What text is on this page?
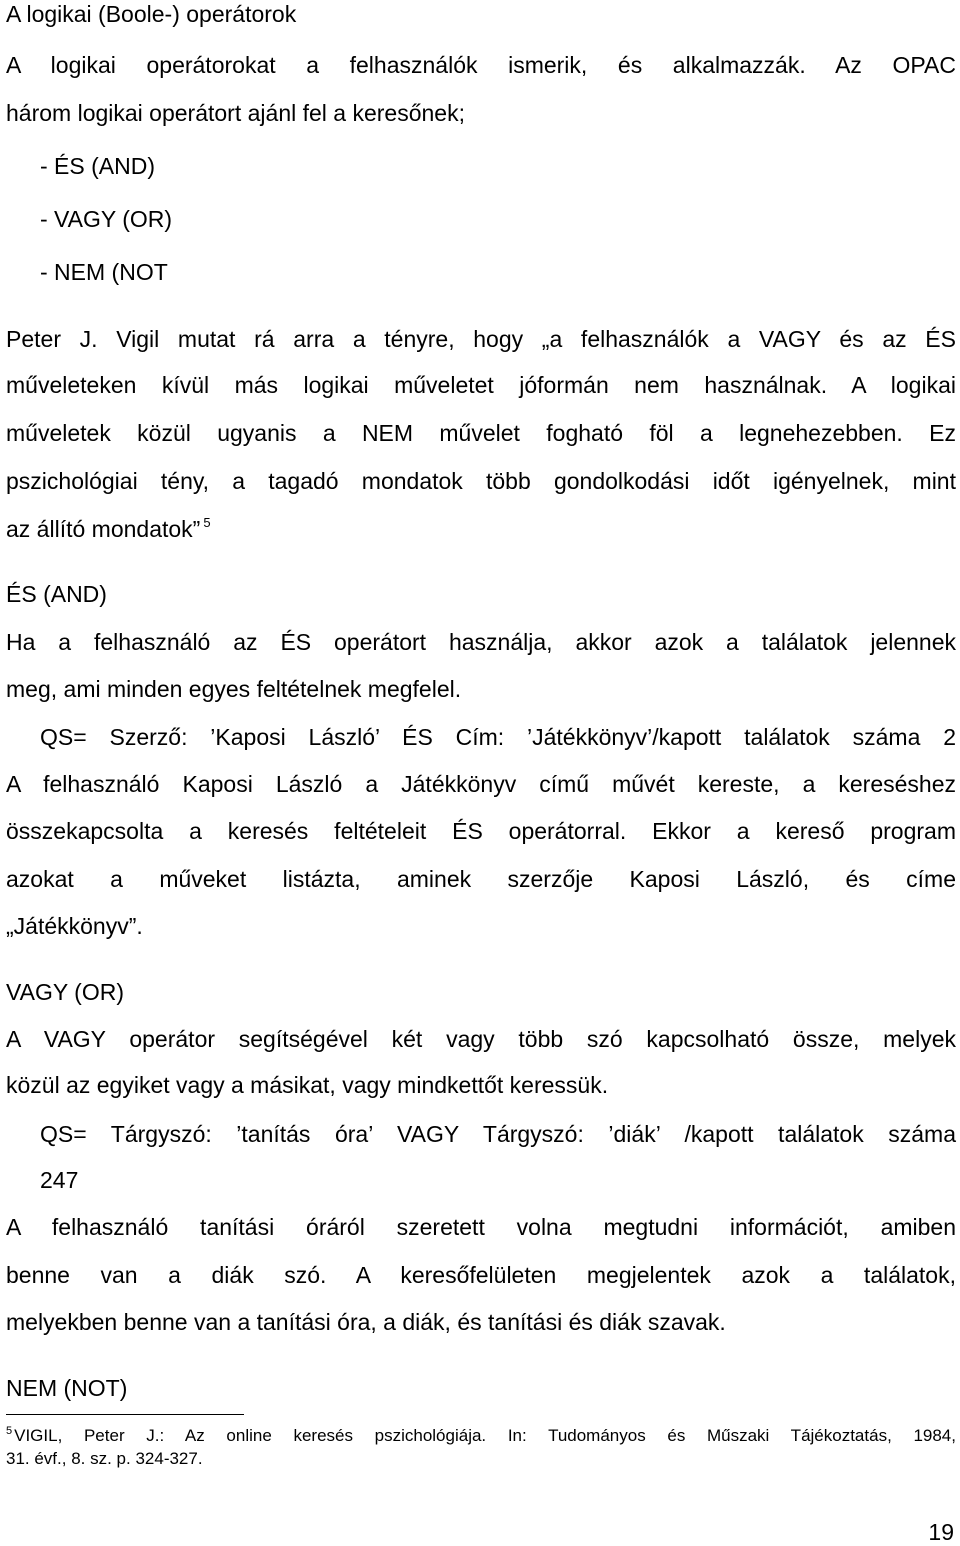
A logikai (Boole-) operátorok
A logikai operátorokat a felhasználók ismerik, és alkalmazzák. Az OPAC
három logikai operátort ajánl fel a keresőnek;
- ÉS (AND)
- VAGY (OR)
- NEM (NOT
Peter J. Vigil mutat rá arra a tényre, hogy „a felhasználók a VAGY és az ÉS
műveleteken kívül más logikai műveletet jóformán nem használnak. A logikai
műveletek közül ugyanis a NEM művelet fogható föl a legnehezebben. Ez
pszichológiai tény, a tagadó mondatok több gondolkodási időt igényelnek, mint
az állító mondatok” $^5$
ÉS (AND)
Ha a felhasználó az ÉS operátort használja, akkor azok a találatok jelennek
meg, ami minden egyes feltételnek megfelel.
QS= Szerző: ’Kaposi László’ ÉS Cím: ’Játékkönyv’/kapott találatok száma 2
A felhasználó Kaposi László a Játékkönyv című művét kereste, a kereséshez
összekapcsolta a keresés feltételeit ÉS operátorral. Ekkor a kereső program
azokat a műveket listázta, aminek szerzője Kaposi László, és címe
„Játékkönyv”.
VAGY (OR)
A VAGY operátor segítségével két vagy több szó kapcsolható össze, melyek
közül az egyiket vagy a másikat, vagy mindkettőt keressük.
QS= Tárgyszó: ’tanítás óra’ VAGY Tárgyszó: ’diák’ /kapott találatok száma
247
A felhasználó tanítási óráról szeretett volna megtudni információt, amiben
benne van a diák szó. A keresőfelületen megjelentek azok a találatok,
melyekben benne van a tanítási óra, a diák, és tanítási és diák szavak.
NEM (NOT)
$^5$ VIGIL, Peter J.: Az online keresés pszichológiája. In: Tudományos és Műszaki Tájékoztatás, 1984,
31. évf., 8. sz. p. 324-327.
19
